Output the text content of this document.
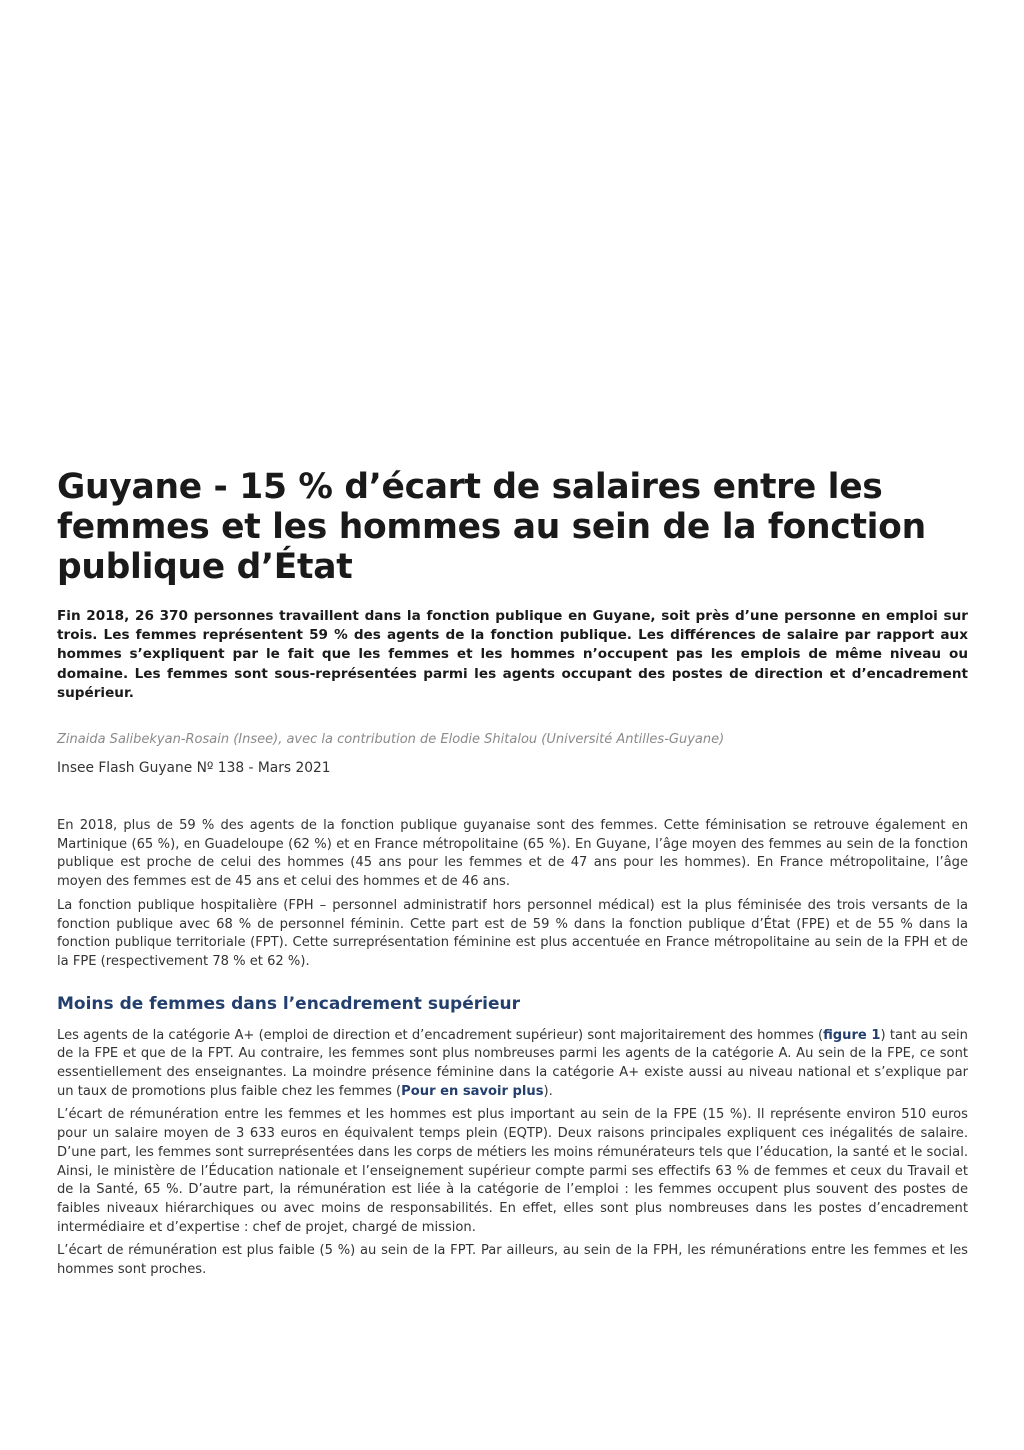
Guyane - 15 % d’écart de salaires entre les femmes et les hommes au sein de la fonction publique d’État

Fin 2018, 26 370 personnes travaillent dans la fonction publique en Guyane, soit près d’une personne en emploi sur trois. Les femmes représentent 59 % des agents de la fonction publique. Les différences de salaire par rapport aux hommes s’expliquent par le fait que les femmes et les hommes n’occupent pas les emplois de même niveau ou domaine. Les femmes sont sous-représentées parmi les agents occupant des postes de direction et d’encadrement supérieur.

Zinaida Salibekyan-Rosain (Insee), avec la contribution de Elodie Shitalou (Université Antilles-Guyane)

Insee Flash Guyane Nº 138 - Mars 2021

En 2018, plus de 59 % des agents de la fonction publique guyanaise sont des femmes. Cette féminisation se retrouve également en Martinique (65 %), en Guadeloupe (62 %) et en France métropolitaine (65 %). En Guyane, l’âge moyen des femmes au sein de la fonction publique est proche de celui des hommes (45 ans pour les femmes et de 47 ans pour les hommes). En France métropolitaine, l’âge moyen des femmes est de 45 ans et celui des hommes et de 46 ans.

La fonction publique hospitalière (FPH – personnel administratif hors personnel médical) est la plus féminisée des trois versants de la fonction publique avec 68 % de personnel féminin. Cette part est de 59 % dans la fonction publique d’État (FPE) et de 55 % dans la fonction publique territoriale (FPT). Cette surreprésentation féminine est plus accentuée en France métropolitaine au sein de la FPH et de la FPE (respectivement 78 % et 62 %).

Moins de femmes dans l’encadrement supérieur

Les agents de la catégorie A+ (emploi de direction et d’encadrement supérieur) sont majoritairement des hommes (figure 1) tant au sein de la FPE et que de la FPT. Au contraire, les femmes sont plus nombreuses parmi les agents de la catégorie A. Au sein de la FPE, ce sont essentiellement des enseignantes. La moindre présence féminine dans la catégorie A+ existe aussi au niveau national et s’explique par un taux de promotions plus faible chez les femmes (Pour en savoir plus).

L’écart de rémunération entre les femmes et les hommes est plus important au sein de la FPE (15 %). Il représente environ 510 euros pour un salaire moyen de 3 633 euros en équivalent temps plein (EQTP). Deux raisons principales expliquent ces inégalités de salaire. D’une part, les femmes sont surreprésentées dans les corps de métiers les moins rémunérateurs tels que l’éducation, la santé et le social. Ainsi, le ministère de l’Éducation nationale et l’enseignement supérieur compte parmi ses effectifs 63 % de femmes et ceux du Travail et de la Santé, 65 %. D’autre part, la rémunération est liée à la catégorie de l’emploi : les femmes occupent plus souvent des postes de faibles niveaux hiérarchiques ou avec moins de responsabilités. En effet, elles sont plus nombreuses dans les postes d’encadrement intermédiaire et d’expertise : chef de projet, chargé de mission.

L’écart de rémunération est plus faible (5 %) au sein de la FPT. Par ailleurs, au sein de la FPH, les rémunérations entre les femmes et les hommes sont proches.
